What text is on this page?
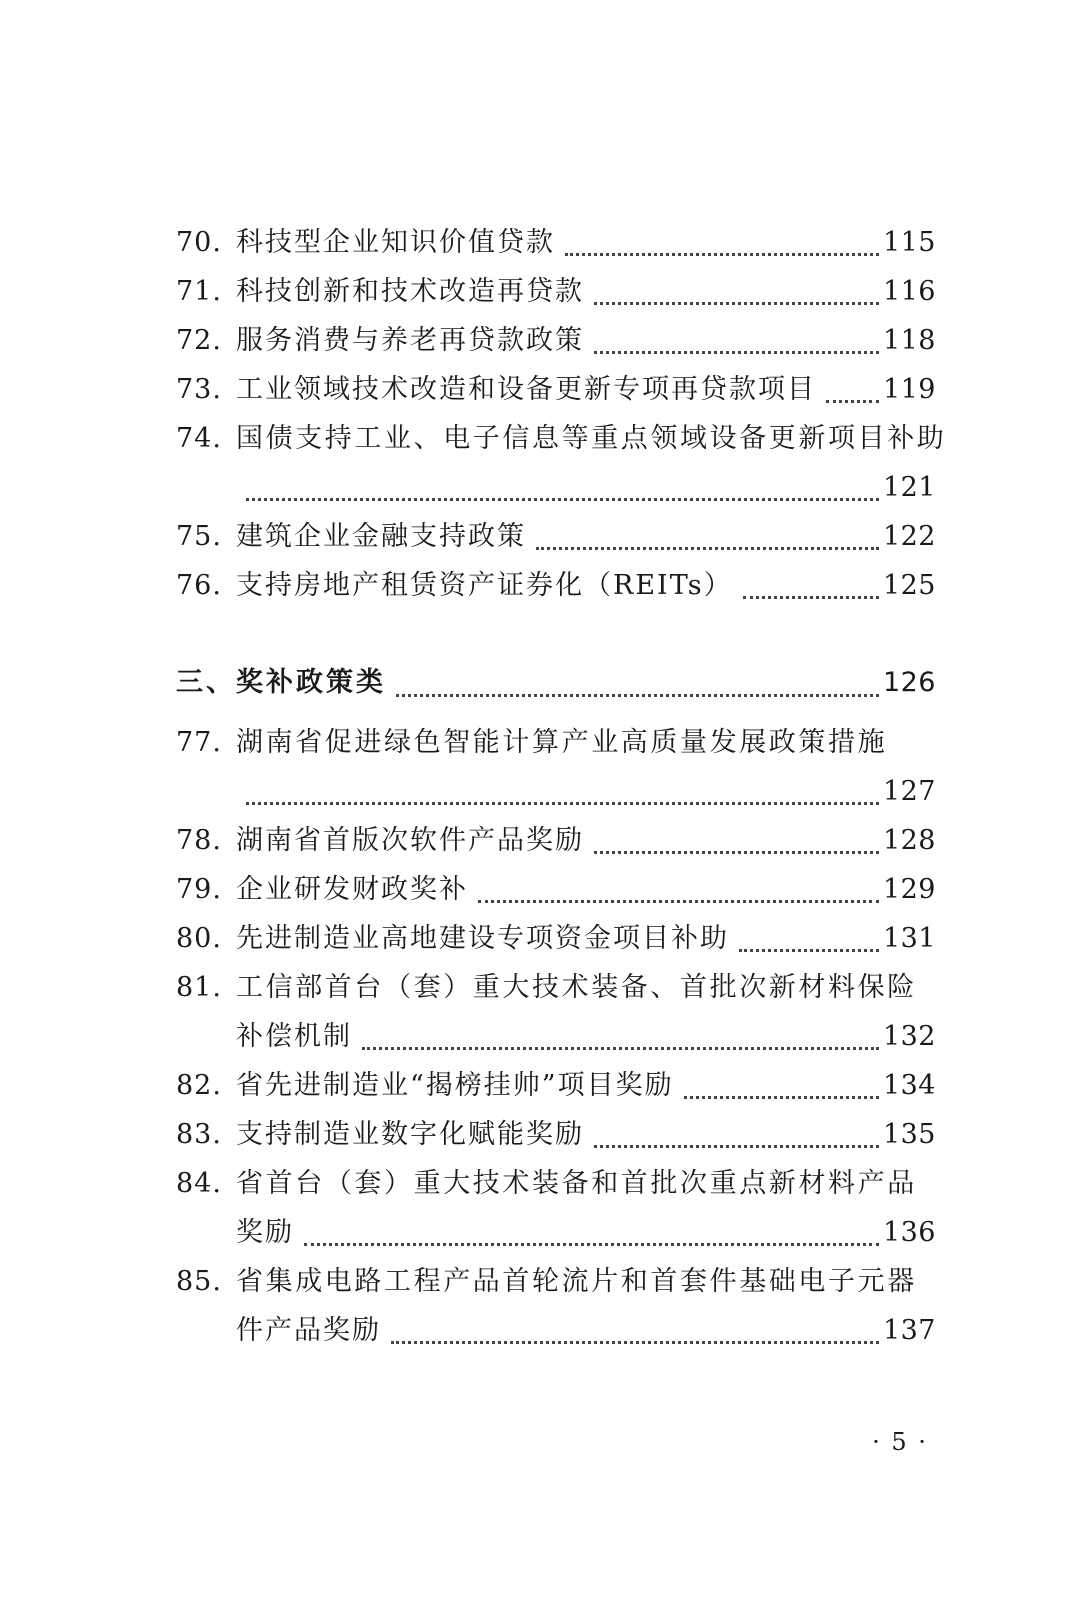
70. 科技型企业知识价值贷款	115
71. 科技创新和技术改造再贷款	116
72. 服务消费与养老再贷款政策	118
73. 工业领域技术改造和设备更新专项再贷款项目 119
74. 国债支持工业、电子信息等重点领域设备更新项目补助
121
75. 建筑企业金融支持政策	122
76. 支持房地产租赁资产证券化（REITs）	125
三、奖补政策类	126
77. 湖南省促进绿色智能计算产业高质量发展政策措施
127
78. 湖南省首版次软件产品奖励	128
79. 企业研发财政奖补	129
80. 先进制造业高地建设专项资金项目补助	131
81. 工信部首台（套）重大技术装备、首批次新材料保险
补偿机制	132
82. 省先进制造业“揭榜挂帅”项目奖励	134
83. 支持制造业数字化赋能奖励	135
84. 省首台（套）重大技术装备和首批次重点新材料产品
奖励	136
85. 省集成电路工程产品首轮流片和首套件基础电子元器
件产品奖励	137
· 5 ·
